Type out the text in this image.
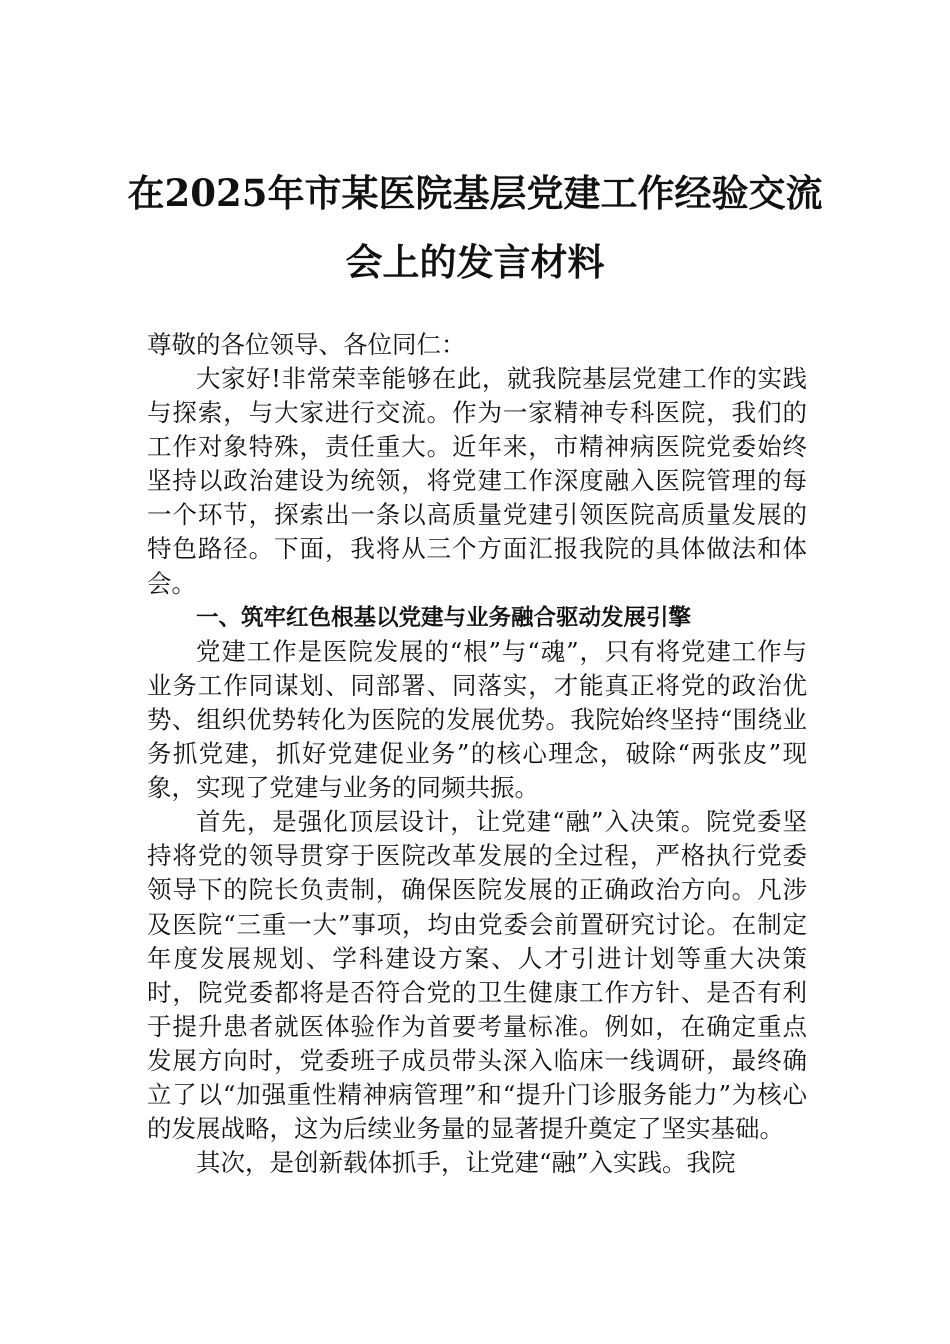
在2025年市某医院基层党建工作经验交流
会上的发言材料
尊敬的各位领导、各位同仁：

大家好!非常荣幸能够在此，就我院基层党建工作的实践与探索，与大家进行交流。作为一家精神专科医院，我们的工作对象特殊，责任重大。近年来，市精神病医院党委始终坚持以政治建设为统领，将党建工作深度融入医院管理的每一个环节，探索出一条以高质量党建引领医院高质量发展的特色路径。下面，我将从三个方面汇报我院的具体做法和体会。

一、筑牢红色根基以党建与业务融合驱动发展引擎

党建工作是医院发展的“根”与“魂”，只有将党建工作与业务工作同谋划、同部署、同落实，才能真正将党的政治优势、组织优势转化为医院的发展优势。我院始终坚持“围绕业务抓党建，抓好党建促业务”的核心理念，破除“两张皮”现象，实现了党建与业务的同频共振。

首先，是强化顶层设计，让党建“融”入决策。院党委坚持将党的领导贯穿于医院改革发展的全过程，严格执行党委领导下的院长负责制，确保医院发展的正确政治方向。凡涉及医院“三重一大”事项，均由党委会前置研究讨论。在制定年度发展规划、学科建设方案、人才引进计划等重大决策时，院党委都将是否符合党的卫生健康工作方针、是否有利于提升患者就医体验作为首要考量标准。例如，在确定重点发展方向时，党委班子成员带头深入临床一线调研，最终确立了以“加强重性精神病管理”和“提升门诊服务能力”为核心的发展战略，这为后续业务量的显著提升奠定了坚实基础。

其次，是创新载体抓手，让党建“融”入实践。我院
